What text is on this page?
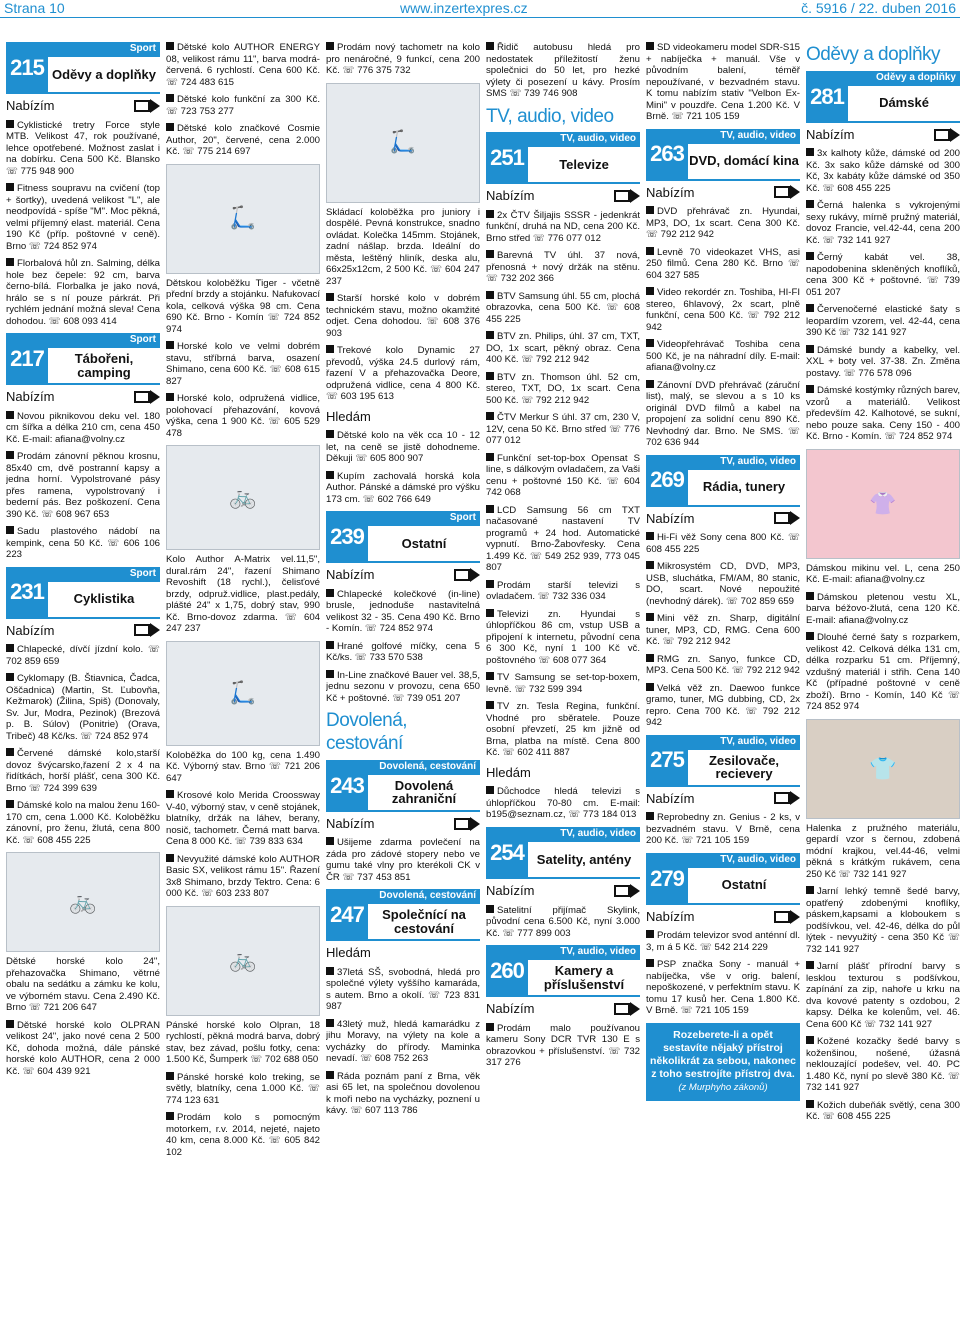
Strana 10	www.inzertexpres.cz	č. 5916 / 22. duben 2016
215
Sport
Oděvy a doplňky
Nabízím
Cyklistické tretry Force style MTB. Velikost 47, rok používané, lehce opotřebené. Možnost zaslat i na dobírku. Cena 500 Kč. Blansko ☏ 775 948 900
Fitness soupravu na cvičení (top + šortky), uvedená velikost "L", ale neodpovídá - spíše "M". Moc pěkná, velmi příjemný elast. materiál. Cena 190 Kč (příp. poštovné v ceně). Brno ☏ 724 852 974
Florbalová hůl zn. Salming, délka hole bez čepele: 92 cm, barva černo-bílá. Florbalka je jako nová, hrálo se s ní pouze párkrát. Při rychlém jednání možná sleva! Cena dohodou. ☏ 608 093 414
217
Sport
Tábořeni, camping
Nabízím
Novou piknikovou deku vel. 180 cm šířka a délka 210 cm, cena 450 Kč. E-mail: afiana@volny.cz
Prodám zánovní pěknou krosnu, 85x40 cm, dvě postranní kapsy a jedna horní. Vypolstrované pásy přes ramena, vypolstrovaný i bederní pás. Bez poškození. Cena 390 Kč. ☏ 608 967 653
Sadu plastového nádobí na kempink, cena 50 Kč. ☏ 606 106 223
231
Sport
Cyklistika
Nabízím
Chlapecké, dívčí jízdní kolo. ☏ 702 859 659
Cyklomapy (B. Štiavnica, Čadca, Oščadnica) (Martin, St. Ľubovňa, Kežmarok) (Žilina, Spiš) (Donovaly, Sv. Jur, Modra, Pezinok) (Brezová p. B. Súlov) (Ponitrie) (Orava, Tribeč) 48 Kč/ks. ☏ 724 852 974
Červené dámské kolo,starší dovoz švýcarsko,řazení 2 x 4 na řidítkách, horší plášť, cena 300 Kč. Brno ☏ 724 399 639
Dámské kolo na malou ženu 160-170 cm, cena 1.000 Kč. Koloběžku zánovní, pro ženu, žlutá, cena 800 Kč. ☏ 608 455 225
🚲
Dětské horské kolo 24", přehazovačka Shimano, větrné obalu na sedátku a zámku ke kolu, ve výborném stavu. Cena 2.490 Kč. Brno ☏ 721 206 647
Dětské horské kolo OLPRAN velikost 24", jako nové cena 2 500 Kč, dohoda možná, dále pánské horské kolo AUTHOR, cena 2 000 Kč. ☏ 604 439 921
Dětské kolo AUTHOR ENERGY 08, velikost rámu 11", barva modrá-červená. 6 rychlostí. Cena 600 Kč. ☏ 724 483 615
Dětské kolo funkční za 300 Kč. ☏ 723 753 277
Dětské kolo značkové Cosmie Author, 20", červené, cena 2.000 Kč. ☏ 775 214 697
🛴
Dětskou koloběžku Tiger - včetně přední brzdy a stojánku. Nafukovací kola, celková výška 98 cm. Cena 690 Kč. Brno - Komín ☏ 724 852 974
Horské kolo ve velmi dobrém stavu, stříbrná barva, osazení Shimano, cena 600 Kč. ☏ 608 615 827
Horské kolo, odpružená vidlice, polohovací přehazování, kovová výška, cena 1 900 Kč. ☏ 605 529 478
🚲
Kolo Author A-Matrix vel.11,5", dural.rám 24", řazení Shimano Revoshift (18 rychl.), čelisťové brzdy, odpruž.vidlice, plast.pedály, plášté 24" x 1,75, dobrý stav, 990 Kč. Brno-dovoz zdarma. ☏ 604 247 237
🛴
Koloběžka do 100 kg, cena 1.490 Kč. Výborný stav. Brno ☏ 721 206 647
Krosové kolo Merida Croossway V-40, výborný stav, v ceně stojánek, blatníky, držák na láhev, berany, nosič, tachometr. Černá matt barva. Cena 8 000 Kč. ☏ 739 833 634
Nevyužité dámské kolo AUTHOR Basic SX, velikost rámu 15". Řazení 3x8 Shimano, brzdy Tektro. Cena: 6 000 Kč. ☏ 603 233 807
🚲
Pánské horské kolo Olpran, 18 rychlostí, pěkná modrá barva, dobrý stav, bez závad, pošlu fotky, cena: 1.500 Kč, Šumperk ☏ 702 688 050
Pánské horské kolo treking, se světly, blatníky, cena 1.000 Kč. ☏ 774 123 631
Prodám kolo s pomocným motorkem, r.v. 2014, nejeté, najeto 40 km, cena 8.000 Kč. ☏ 605 842 102
Prodám nový tachometr na kolo pro nenáročné, 9 funkcí, cena 200 Kč. ☏ 776 375 732
🛴
Skládací koloběžka pro juniory i dospělé. Pevná konstrukce, snadno ovládat. Kolečka 145mm. Stojánek, zadní nášlap. brzda. Ideální do města, leštěný hliník, deska alu, 66x25x12cm, 2 500 Kč. ☏ 604 247 237
Starší horské kolo v dobrém technickém stavu, možno okamžité odjet. Cena dohodou. ☏ 608 376 903
Trekové kolo Dynamic 27 převodů, výška 24.5 durlový rám, řazení V a přehazovačka Deore, odpružená vidlice, cena 4 800 Kč. ☏ 603 195 613
Hledám
Dětské kolo na věk cca 10 - 12 let, na ceně se jistě dohodneme. Děkuji ☏ 605 800 907
Kupím zachovalá horská kola Author. Pánské a dámské pro výšku 173 cm. ☏ 602 766 649
239
Sport
Ostatní
Nabízím
Chlapecké kolečkové (in-line) brusle, jednoduše nastavitelná velikost 32 - 35. Cena 490 Kč. Brno - Komín. ☏ 724 852 974
Hrané golfové míčky, cena 5 Kč/ks. ☏ 733 570 538
In-Line značkové Bauer vel. 38,5, jednu sezonu v provozu, cena 650 Kč + poštovné. ☏ 739 051 207
Dovolená, cestování
243
Dovolená, cestování
Dovolená zahraniční
Nabízím
Ušijeme zdarma povlečení na záda pro zádové stopery nebo ve gumu také vlny pro kterékoli CK v ČR ☏ 737 453 851
247
Dovolená, cestování
Společnící na cestování
Hledám
37letá SŠ, svobodná, hledá pro společné výlety vyššího kamaráda, s autem. Brno a okolí. ☏ 723 831 987
43letý muž, hledá kamarádku z jihu Moravy, na výlety na kole a vycházky do přírody. Maminka nevadí. ☏ 608 752 263
Ráda poznám paní z Brna, věk asi 65 let, na společnou dovolenou k moři nebo na vycházky, poznení u kávy. ☏ 607 113 786
Řidič autobusu hledá pro nedostatek příležitostí ženu společnici do 50 let, pro hezké výlety či posezení u kávy. Prosím SMS ☏ 739 746 908
TV, audio, video
251
TV, audio, video
Televize
Nabízím
2x ČTV Šiljajis SSSR - jedenkrát funkční, druhá na ND, cena 200 Kč. Brno střed ☏ 776 077 012
Barevná TV úhl. 37 nová, přenosná + nový držák na stěnu. ☏ 732 202 366
BTV Samsung úhl. 55 cm, plochá obrazovka, cena 500 Kč. ☏ 608 455 225
BTV zn. Philips, úhl. 37 cm, TXT, DO, 1x scart, pěkný obraz. Cena 400 Kč. ☏ 792 212 942
BTV zn. Thomson úhl. 52 cm, stereo, TXT, DO, 1x scart. Cena 500 Kč. ☏ 792 212 942
ČTV Merkur S úhl. 37 cm, 230 V, 12V, cena 50 Kč. Brno střed ☏ 776 077 012
Funkční set-top-box Opensat S line, s dálkovým ovladačem, za Vaši cenu + poštovné 150 Kč. ☏ 604 742 068
LCD Samsung 56 cm TXT načasované nastavení TV programů + 24 hod. Automatické vypnutí. Brno-Žabovřesky. Cena 1.499 Kč. ☏ 549 252 939, 773 045 807
Prodám starší televizi s ovladačem. ☏ 732 336 034
Televizi zn. Hyundai s úhlopříčkou 86 cm, vstup USB a připojení k internetu, původní cena 6 300 Kč, nyní 1 100 Kč vč. poštovného ☏ 608 077 364
TV Samsung se set-top-boxem, levně. ☏ 732 599 394
TV zn. Tesla Regina, funkční. Vhodné pro sběratele. Pouze osobní převzetí, 25 km jižně od Brna, platba na místě. Cena 800 Kč. ☏ 602 411 887
Hledám
Důchodce hledá televizi s úhlopříčkou 70-80 cm. E-mail: b195@seznam.cz, ☏ 773 184 013
254
TV, audio, video
Satelity, antény
Nabízím
Satelitní přijímač Skylink, původní cena 6.500 Kč, nyní 3.000 Kč. ☏ 777 899 003
260
TV, audio, video
Kamery a příslušenství
Nabízím
Prodám malo používanou kameru Sony DCR TVR 130 E s obrazovkou + příslušenství. ☏ 732 317 276
SD videokameru model SDR-S15 + nabíječka + manuál. Vše v původním balení, téměř nepoužívané, v bezvadném stavu. K tomu nabízím stativ "Velbon Ex-Mini" v pouzdře. Cena 1.200 Kč. V Brně. ☏ 721 105 159
263
TV, audio, video
DVD, domácí kina
Nabízím
DVD přehrávač zn. Hyundai, MP3, DO, 1x scart. Cena 300 Kč. ☏ 792 212 942
Levně 70 videokazet VHS, asi 250 filmů. Cena 280 Kč. Brno ☏ 604 327 585
Video rekordér zn. Toshiba, HI-FI stereo, 6hlavový, 2x scart, plně funkční, cena 500 Kč. ☏ 792 212 942
Videopřehrávač Toshiba cena 500 Kč, je na náhradní díly. E-mail: afiana@volny.cz
Zánovní DVD přehrávač (záruční list), malý, se slevou a s 10 ks originál DVD filmů a kabel na propojení za solidní cenu 890 Kč. Nevhodný dar. Brno. Ne SMS. ☏ 702 636 944
269
TV, audio, video
Rádia, tunery
Nabízím
Hi-Fi věž Sony cena 800 Kč. ☏ 608 455 225
Mikrosystém CD, DVD, MP3, USB, sluchátka, FM/AM, 80 stanic, DO, scart. Nové nepoužité (nevhodný dárek). ☏ 702 859 659
Mini věž zn. Sharp, digitální tuner, MP3, CD, RMG. Cena 600 Kč. ☏ 792 212 942
RMG zn. Sanyo, funkce CD, MP3. Cena 500 Kč. ☏ 792 212 942
Velká věž zn. Daewoo funkce gramo, tuner, MG dubbing, CD, 2x repro. Cena 700 Kč. ☏ 792 212 942
275
TV, audio, video
Zesilovače, recievery
Nabízím
Reprobedny zn. Genius - 2 ks, v bezvadném stavu. V Brně, cena 200 Kč. ☏ 721 105 159
279
TV, audio, video
Ostatní
Nabízím
Prodám televizor svod anténní dl. 3, m á 5 Kč. ☏ 542 214 229
PSP značka Sony - manuál + nabíječka, vše v orig. balení, nepoškozené, v perfektním stavu. K tomu 17 kusů her. Cena 1.800 Kč. V Brně. ☏ 721 105 159
Rozeberete-li a opět sestavíte nějaký přístroj několikrát za sebou, nakonec z toho sestrojíte přístroj dva.
(z Murphyho zákonů)
Oděvy a doplňky
281
Oděvy a doplňky
Dámské
Nabízím
3x kalhoty kůže, dámské od 200 Kč. 3x sako kůže dámské od 300 Kč, 3x kabáty kůže dámské od 350 Kč. ☏ 608 455 225
Černá halenka s vykrojenými sexy rukávy, mírně pružný materiál, dovoz Francie, vel.42-44, cena 200 Kč. ☏ 732 141 927
Černý kabát vel. 38, napodobenina skleněných knoflíků, cena 300 Kč + poštovné. ☏ 739 051 207
Červenočerné elastické šaty s leopardím vzorem, vel. 42-44, cena 390 Kč ☏ 732 141 927
Dámské bundy a kabelky, vel. XXL + boty vel. 37-38. Zn. Změna postavy. ☏ 776 578 096
Dámské kostýmky různých barev, vzorů a materiálů. Velikost především 42. Kalhotové, se sukní, nebo pouze saka. Ceny 150 - 400 Kč. Brno - Komín. ☏ 724 852 974
👚
Dámskou mikinu vel. L, cena 250 Kč. E-mail: afiana@volny.cz
Dámskou pletenou vestu XL, barva béžovo-žlutá, cena 120 Kč. E-mail: afiana@volny.cz
Dlouhé černé šaty s rozparkem, velikost 42. Celková délka 131 cm, délka rozparku 51 cm. Příjemný, vzdušný materiál i střih. Cena 140 Kč (případné poštovné v ceně zboží). Brno - Komín, 140 Kč ☏ 724 852 974
👕
Halenka z pružného materiálu, gepardí vzor s černou, zdobená módní krajkou, vel.44-46, velmi pěkná s krátkým rukávem, cena 250 Kč ☏ 732 141 927
Jarní lehký temně šedé barvy, opatřený zdobenými knoflíky, páskem,kapsami a kloboukem s podšívkou, vel. 42-46, délka do půl lýtek - nevyužitý - cena 350 Kč ☏ 732 141 927
Jarní plášť přírodní barvy s lesklou texturou s podšívkou, zapínání za zip, nahoře u krku na dva kovové patenty s ozdobou, 2 kapsy. Délka ke kolenům, vel. 46. Cena 600 Kč ☏ 732 141 927
Kožené kozačky šedé barvy s koženšinou, nošené, úžasná neklouzající podešev, vel. 40. PC 1.480 Kč, nyní po slevě 380 Kč. ☏ 732 141 927
Kožich dubeňák světlý, cena 300 Kč. ☏ 608 455 225
